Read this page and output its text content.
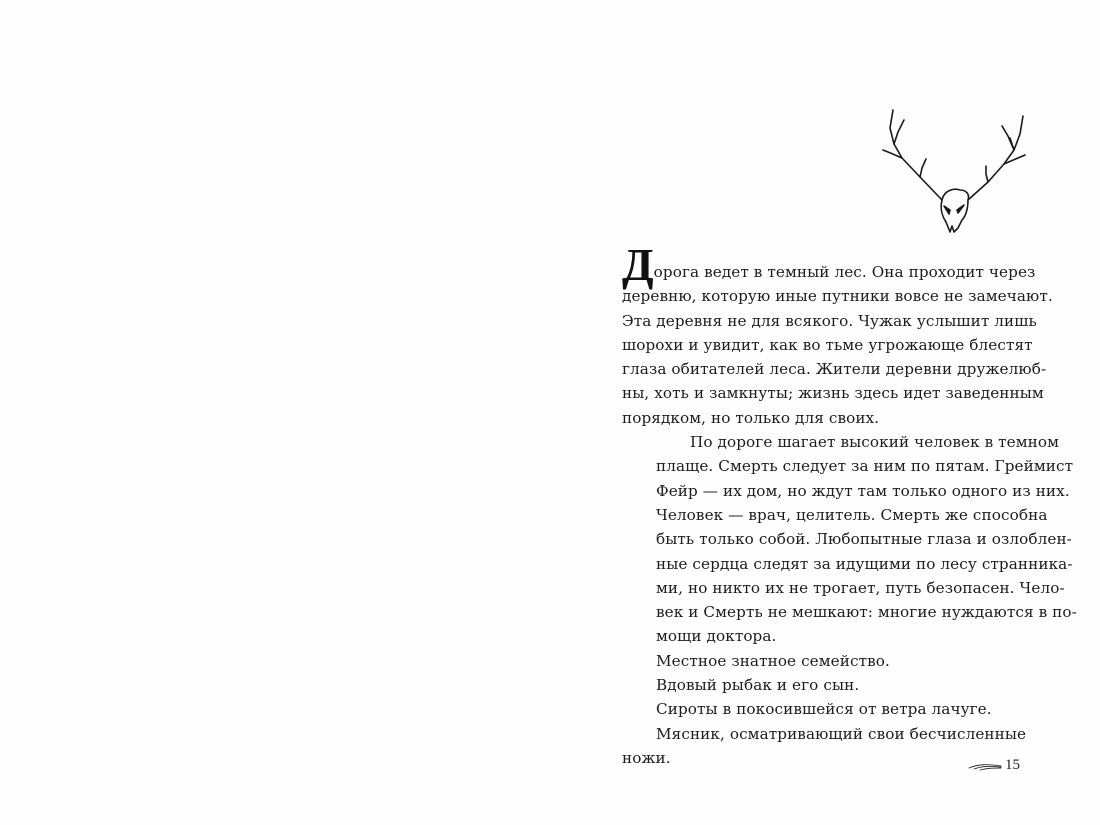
Дорога ведет в темный лес. Она проходит через
деревню, которую иные путники вовсе не замечают.
Эта деревня не для всякого. Чужак услышит лишь
шорохи и увидит, как во тьме угрожающе блестят
глаза обитателей леса. Жители деревни дружелюб-
ны, хоть и замкнуты; жизнь здесь идет заведенным
порядком, но только для своих.

По дороге шагает высокий человек в темном
плаще. Смерть следует за ним по пятам. Греймист
Фейр — их дом, но ждут там только одного из них.
Человек — врач, целитель. Смерть же способна
быть только собой. Любопытные глаза и озлоблен-
ные сердца следят за идущими по лесу странника-
ми, но никто их не трогает, путь безопасен. Чело-
век и Смерть не мешкают: многие нуждаются в по-
мощи доктора.

Местное знатное семейство.

Вдовый рыбак и его сын.

Сироты в покосившейся от ветра лачуге.

Мясник, осматривающий свои бесчисленные
ножи.	15
